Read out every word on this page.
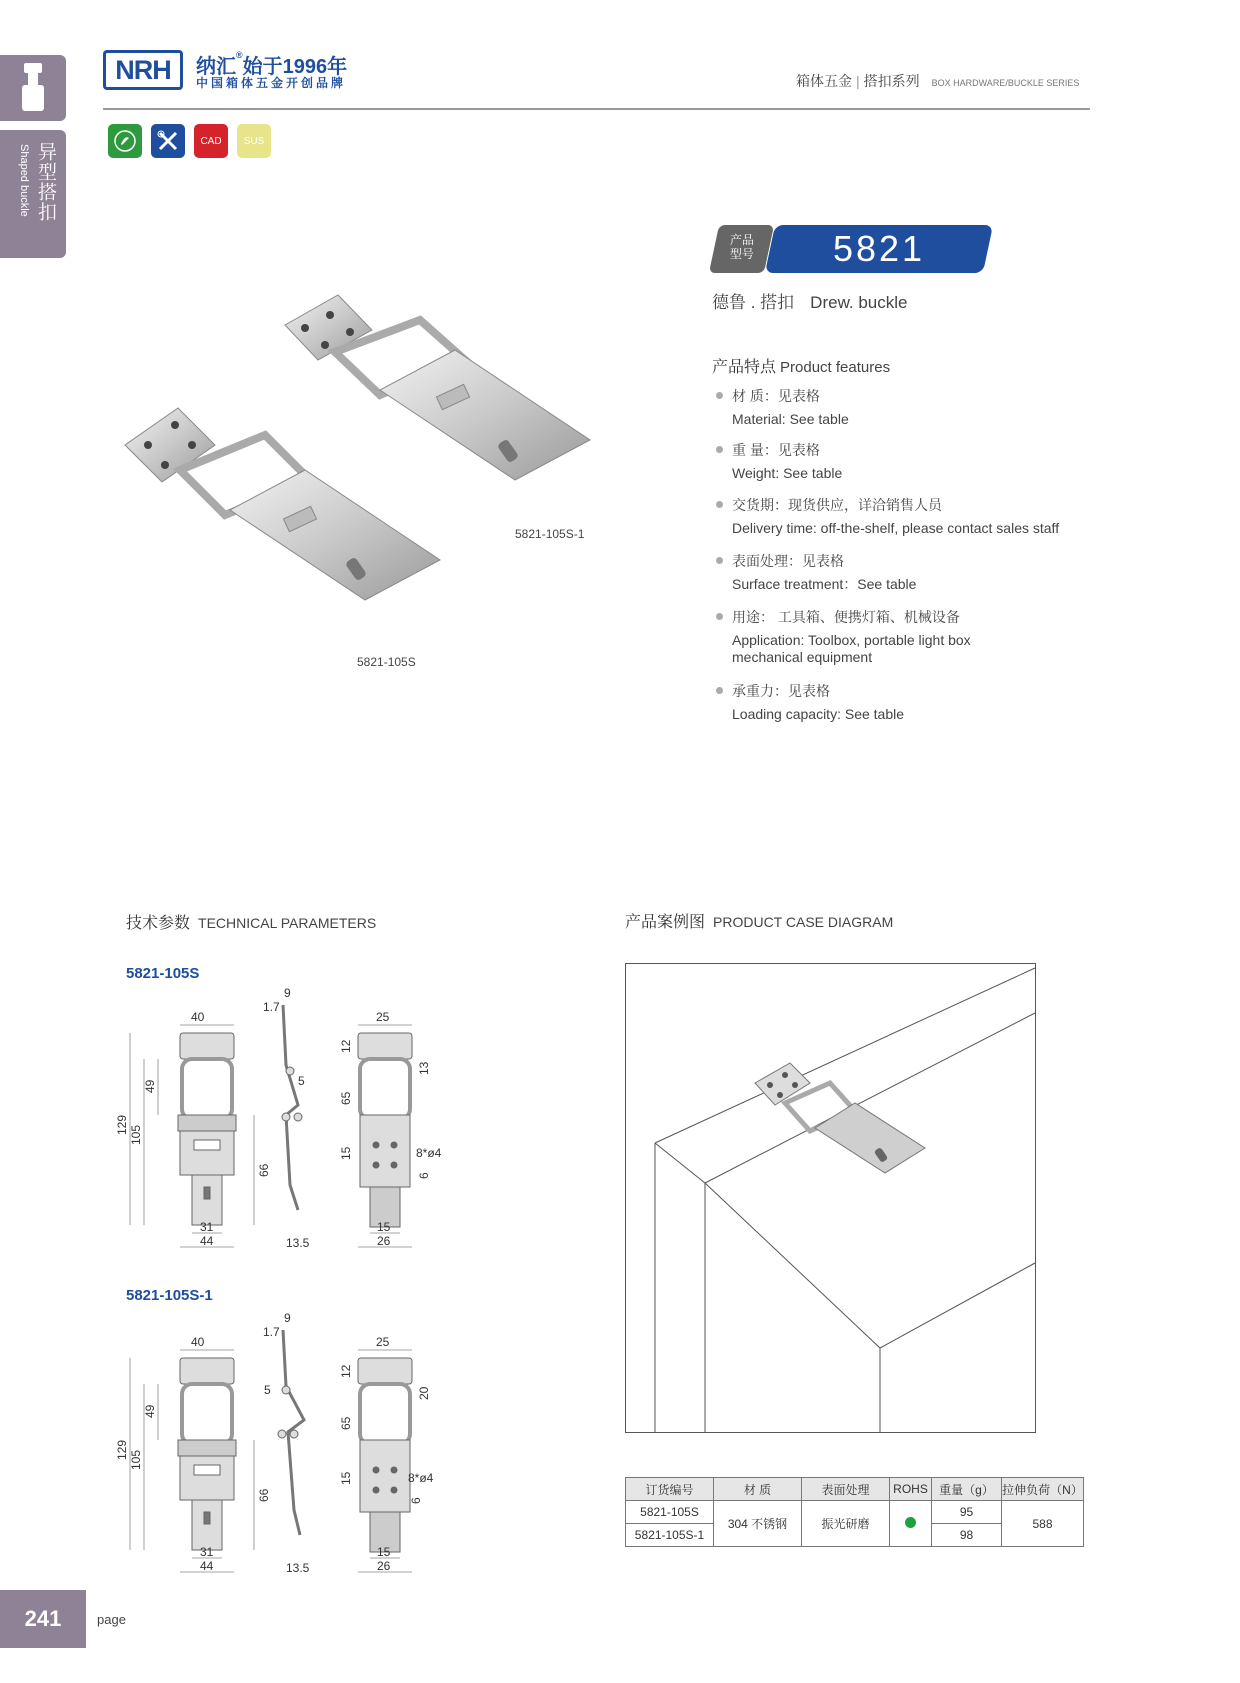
异型搭扣
Shaped buckle
NRH	纳汇®始于1996年
中国箱体五金开创品牌	箱体五金 | 搭扣系列 BOX HARDWARE/BUCKLE SERIES
CAD SUS
5821-105S-1
5821-105S
产品
型号	5821
德鲁 . 搭扣 Drew. buckle
产品特点 Product features
材 质：见表格
Material: See table
重 量：见表格
Weight: See table
交货期：现货供应，详洽销售人员
Delivery time: off-the-shelf, please contact sales staff
表面处理：见表格
Surface treatment：See table
用途： 工具箱、便携灯箱、机械设备
Application: Toolbox, portable light box mechanical equipment
承重力：见表格
Loading capacity: See table
技术参数 TECHNICAL PARAMETERS
5821-105S
5821-105S-1
40
129 105
49
66
31
44
9
1.7
5
13.5
25
12
13
65
15	8*ø4
6
15
26
40
129 105
49
66
31
44
9
1.7
5
13.5
25
12
20
65
15	8*ø4
6
15
26
产品案例图 PRODUCT CASE DIAGRAM
订货编号	材 质	表面处理	ROHS	重量（g）	拉伸负荷（N）
5821-105S	304 不锈钢	振光研磨		95	588
5821-105S-1				98	
241	page
